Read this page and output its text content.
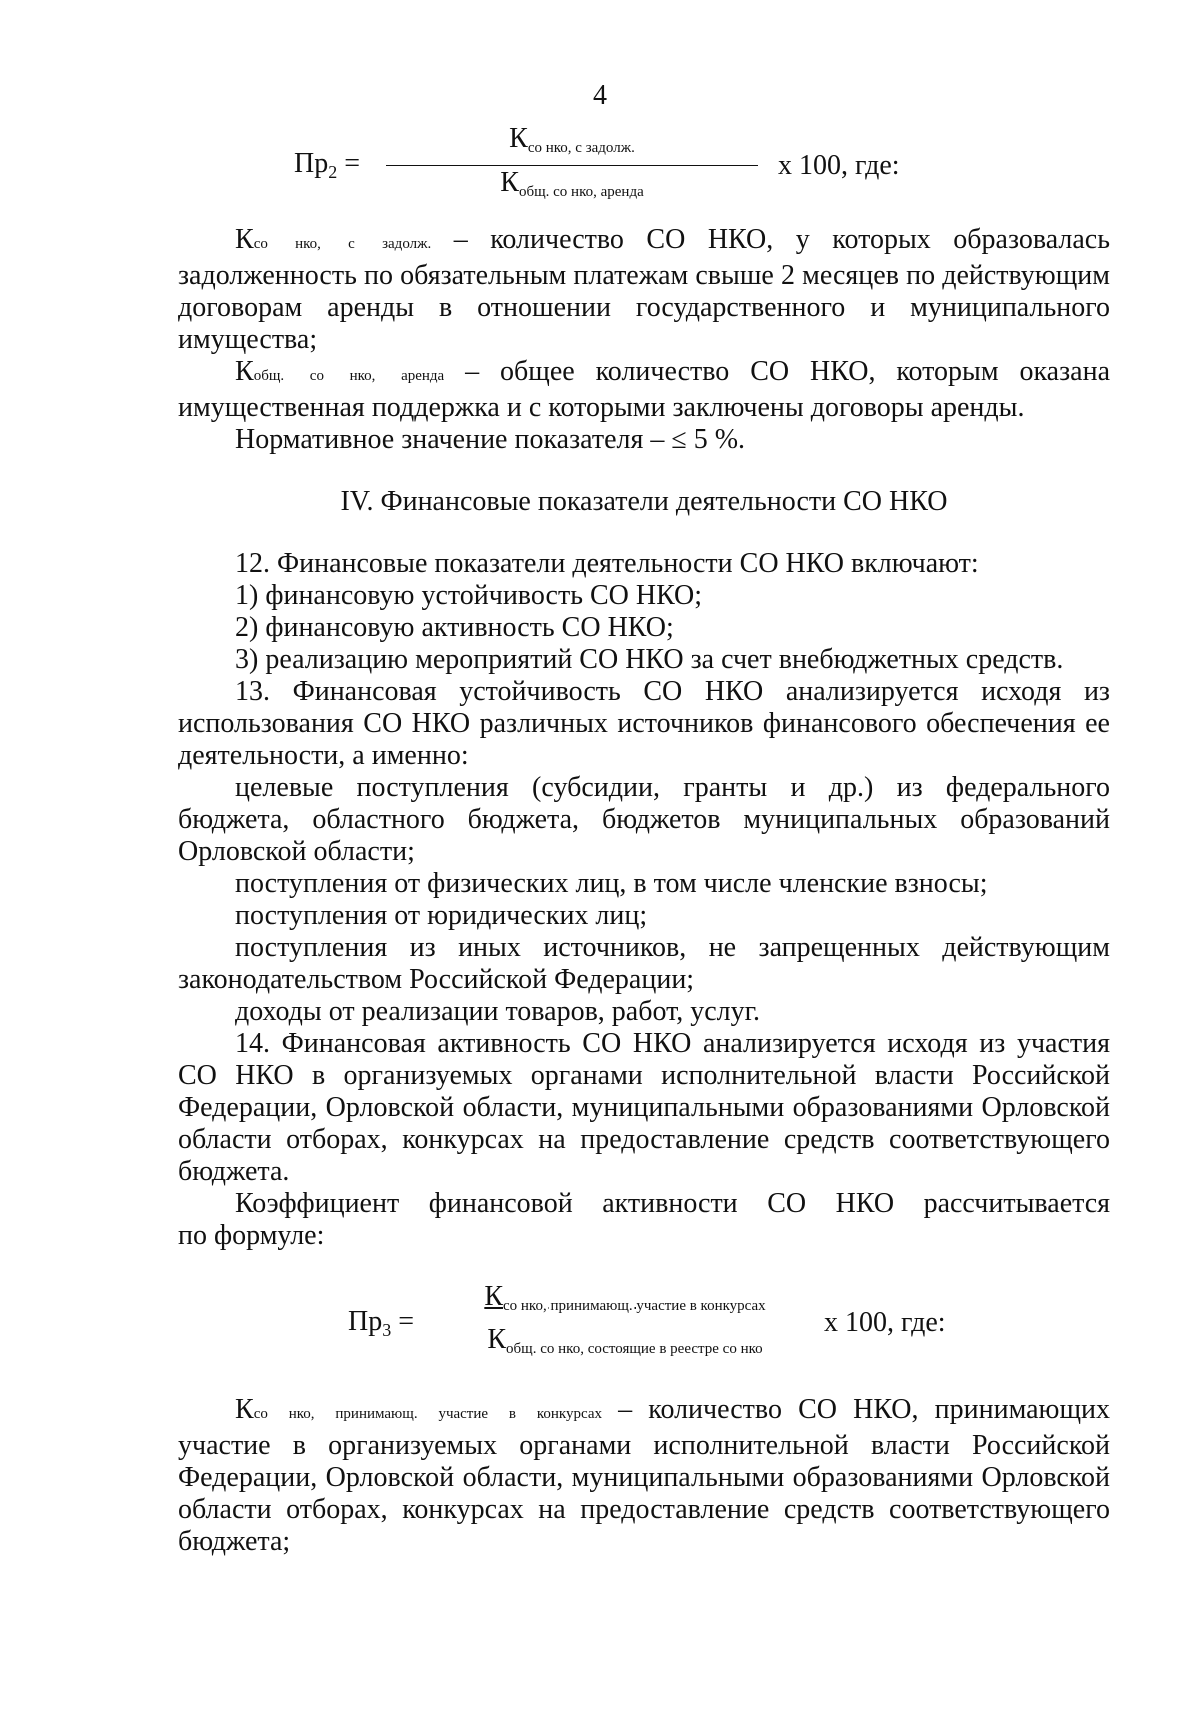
4
$Пр_2 = \frac{К_{со нко, с задолж.}}{К_{общ. со нко, аренда}}$ х 100, где:

Ксо нко, с задолж. – количество СО НКО, у которых образовалась задолженность по обязательным платежам свыше 2 месяцев по действующим договорам аренды в отношении государственного и муниципального имущества;

Кобщ. со нко, аренда – общее количество СО НКО, которым оказана имущественная поддержка и с которыми заключены договоры аренды.

Нормативное значение показателя – ≤ 5 %.

IV. Финансовые показатели деятельности СО НКО

12. Финансовые показатели деятельности СО НКО включают:

1) финансовую устойчивость СО НКО;

2) финансовую активность СО НКО;

3) реализацию мероприятий СО НКО за счет внебюджетных средств.

13. Финансовая устойчивость СО НКО анализируется исходя из использования СО НКО различных источников финансового обеспечения ее деятельности, а именно:

целевые поступления (субсидии, гранты и др.) из федерального бюджета, областного бюджета, бюджетов муниципальных образований Орловской области;

поступления от физических лиц, в том числе членские взносы;

поступления от юридических лиц;

поступления из иных источников, не запрещенных действующим законодательством Российской Федерации;

доходы от реализации товаров, работ, услуг.

14. Финансовая активность СО НКО анализируется исходя из участия СО НКО в организуемых органами исполнительной власти Российской Федерации, Орловской области, муниципальными образованиями Орловской области отборах, конкурсах на предоставление средств соответствующего бюджета.

Коэффициент финансовой активности СО НКО рассчитывается

по формуле:

$Пр_3$ =	$\frac{К_{со нко, принимающ. участие в конкурсах}}{К_{общ. со нко, состоящие в реестре со нко}}$ х 100, где:

Ксо нко, принимающ. участие в конкурсах – количество СО НКО, принимающих участие в организуемых органами исполнительной власти Российской Федерации, Орловской области, муниципальными образованиями Орловской области отборах, конкурсах на предоставление средств соответствующего бюджета;
